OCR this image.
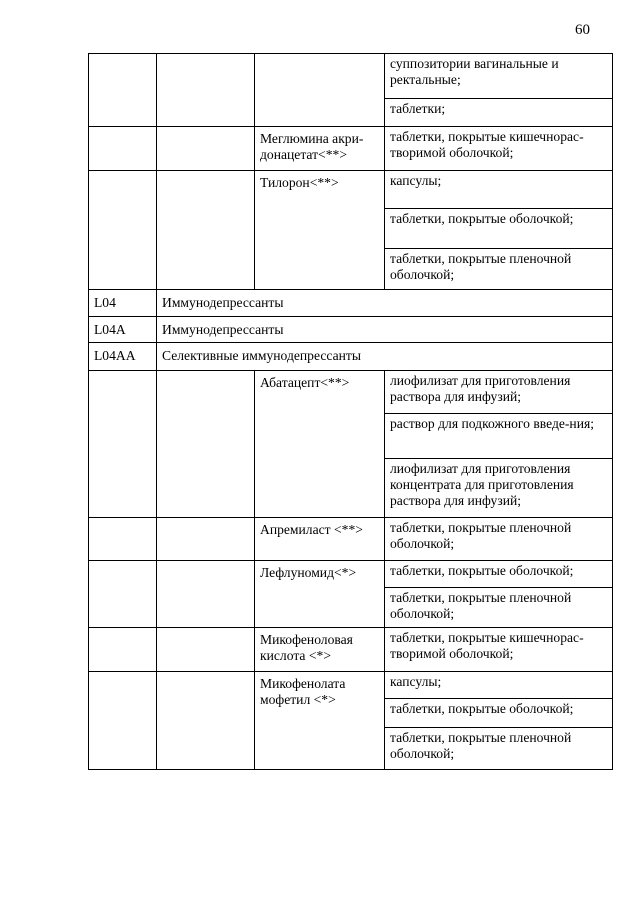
60
			суппозитории вагинальные и ректальные;
			таблетки;
		Меглюмина акри-донацетат<**>	таблетки, покрытые кишечнорас-творимой оболочкой;
		Тилорон<**>	капсулы;
			таблетки, покрытые оболочкой;
			таблетки, покрытые пленочной оболочкой;
L04	Иммунодепрессанты		
L04A	Иммунодепрессанты		
L04AA	Селективные иммунодепрессанты		
		Абатацепт<**>	лиофилизат для приготовления раствора для инфузий;
			раствор для подкожного введе-ния;
			лиофилизат для приготовления концентрата для приготовления раствора для инфузий;
		Апремиласт <**>	таблетки, покрытые пленочной оболочкой;
		Лефлуномид<*>	таблетки, покрытые оболочкой;
			таблетки, покрытые пленочной оболочкой;
		Микофеноловая кислота <*>	таблетки, покрытые кишечнорас-творимой оболочкой;
		Микофенолата мофетил <*>	капсулы;
			таблетки, покрытые оболочкой;
			таблетки, покрытые пленочной оболочкой;
